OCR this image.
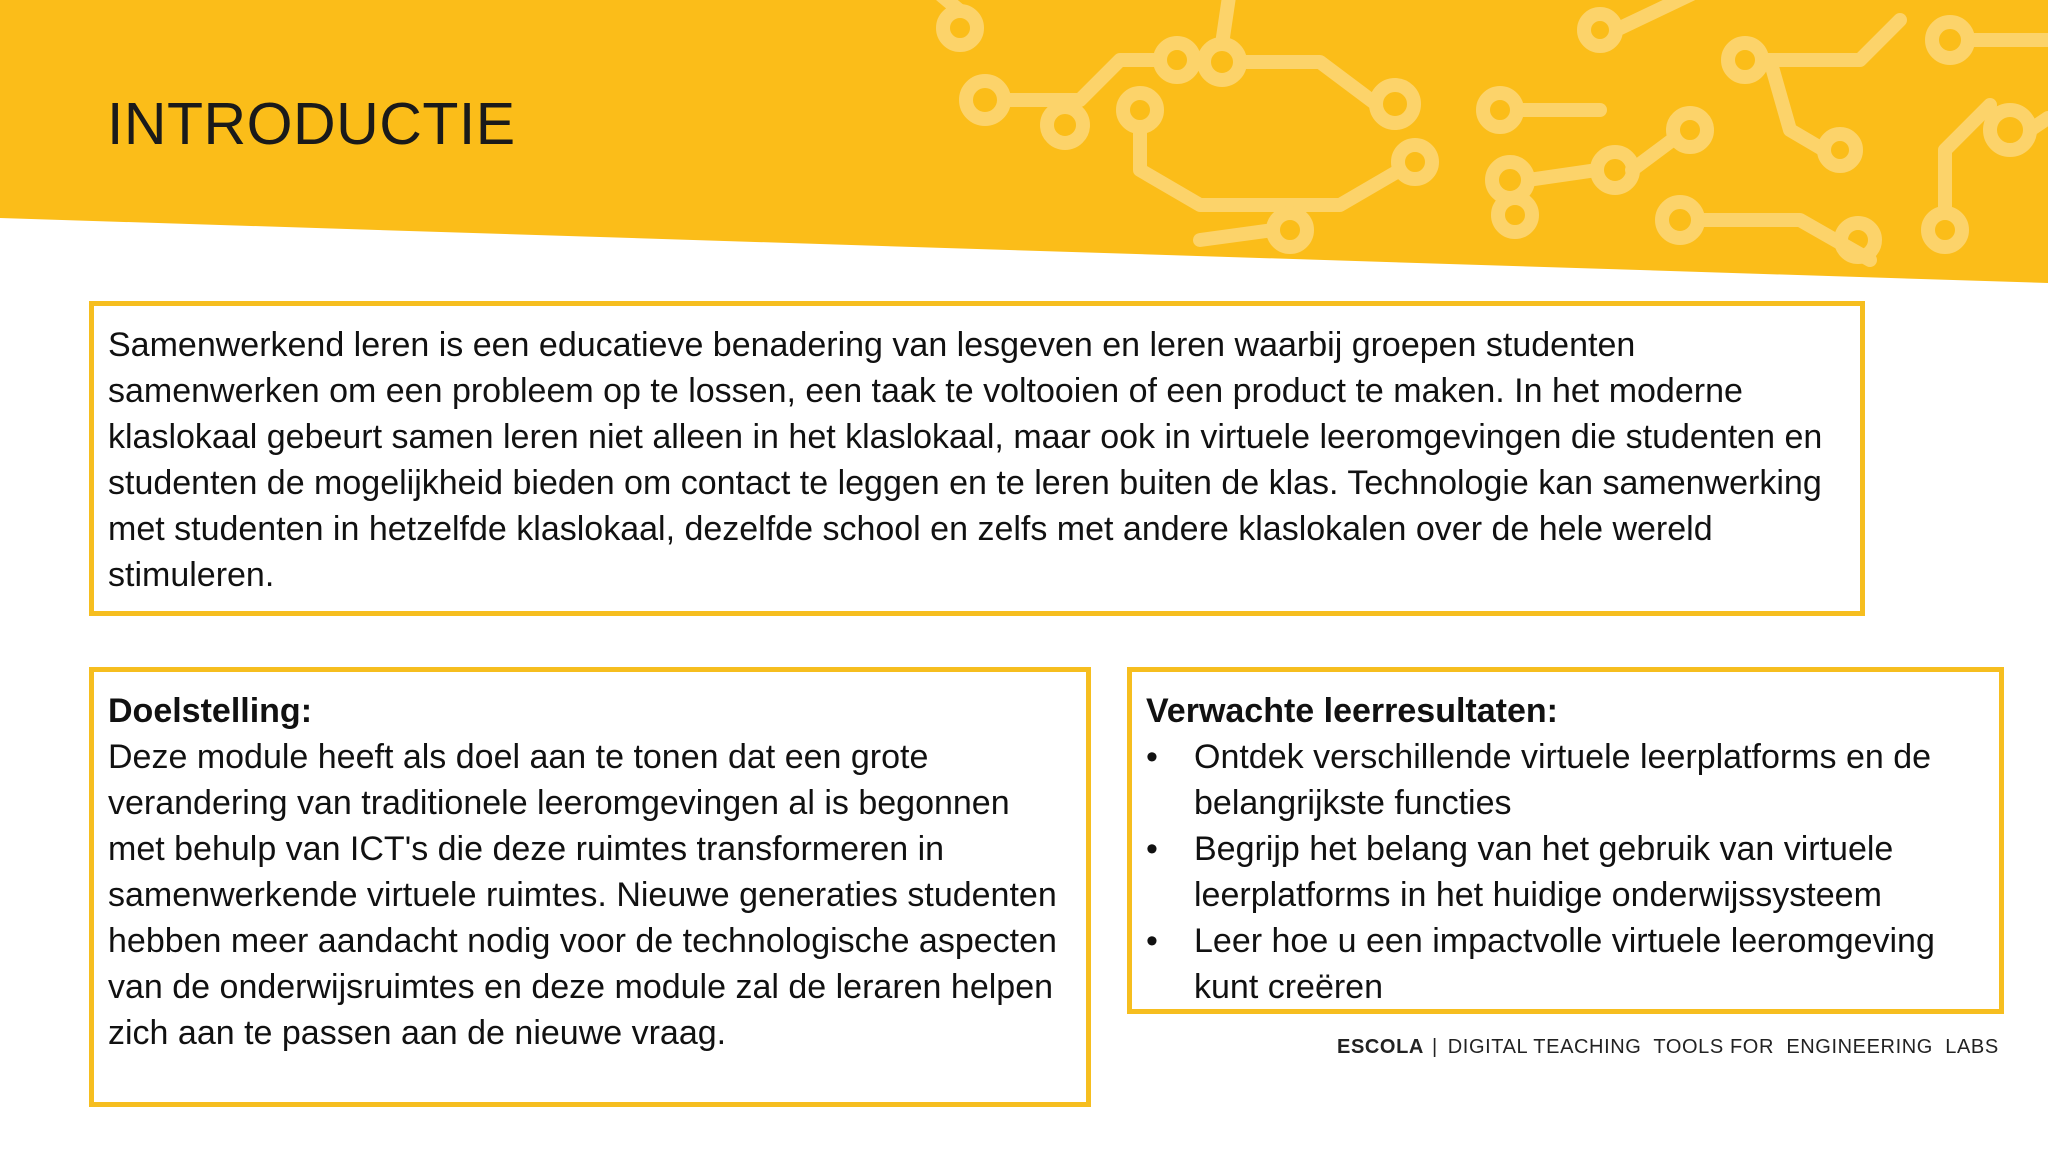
INTRODUCTIE

Samenwerkend leren is een educatieve benadering van lesgeven en leren waarbij groepen studenten samenwerken om een probleem op te lossen, een taak te voltooien of een product te maken. In het moderne klaslokaal gebeurt samen leren niet alleen in het klaslokaal, maar ook in virtuele leeromgevingen die studenten en studenten de mogelijkheid bieden om contact te leggen en te leren buiten de klas. Technologie kan samenwerking met studenten in hetzelfde klaslokaal, dezelfde school en zelfs met andere klaslokalen over de hele wereld stimuleren.

Doelstelling:

Deze module heeft als doel aan te tonen dat een grote verandering van traditionele leeromgevingen al is begonnen met behulp van ICT's die deze ruimtes transformeren in samenwerkende virtuele ruimtes. Nieuwe generaties studenten hebben meer aandacht nodig voor de technologische aspecten van de onderwijsruimtes en deze module zal de leraren helpen zich aan te passen aan de nieuwe vraag.

Verwachte leerresultaten:

•	Ontdek verschillende virtuele leerplatforms en de belangrijkste functies
•	Begrijp het belang van het gebruik van virtuele leerplatforms in het huidige onderwijssysteem
•	Leer hoe u een impactvolle virtuele leeromgeving kunt creëren
ESCOLA | DIGITAL TEACHING  TOOLS FOR  ENGINEERING  LABS
